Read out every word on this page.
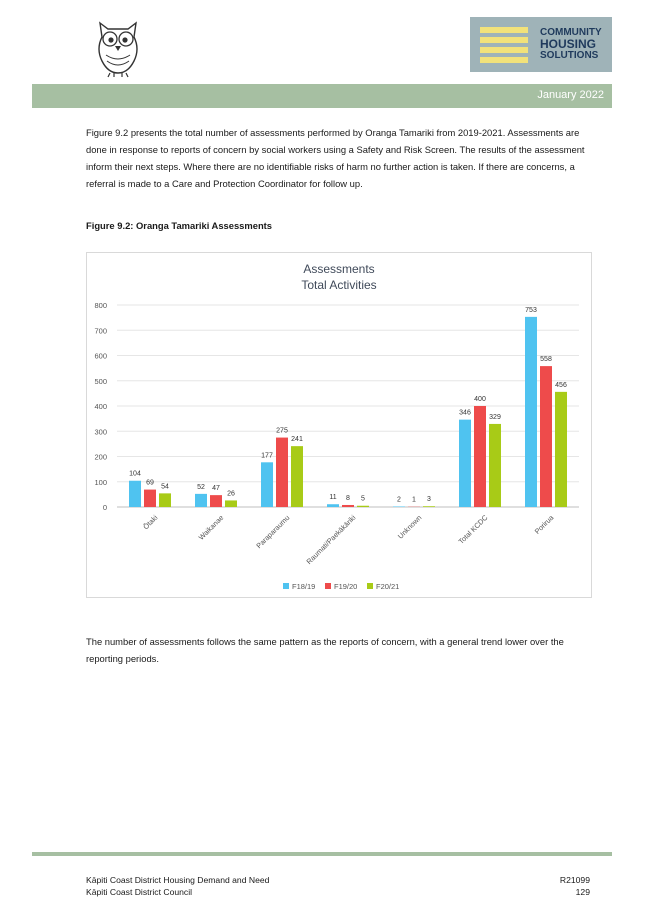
COMMUNITY
HOUSING
SOLUTIONS
January 2022

Figure 9.2 presents the total number of assessments performed by Oranga Tamariki from 2019-2021. Assessments are done in response to reports of concern by social workers using a Safety and Risk Screen. The results of the assessment inform their next steps. Where there are no identifiable risks of harm no further action is taken. If there are concerns, a referral is made to a Care and Protection Coordinator for follow up.

Figure 9.2: Oranga Tamariki Assessments
Assessments
Total Activities
0
100
200
300
400
500
600
700
800
104
69
54	52 47
26
177
275
241
11 8 5	2 1 3
346
400
329
753
558
456
Ōtaki	Waikanae	Paraparaumu Raumati/Paekākāriki	Unknown	Total KCDC	Porirua
F18/19 F19/20 F20/21

The number of assessments follows the same pattern as the reports of concern, with a general trend lower over the reporting periods.

Kāpiti Coast District Housing Demand and Need
Kāpiti Coast District Council
R21099
129
